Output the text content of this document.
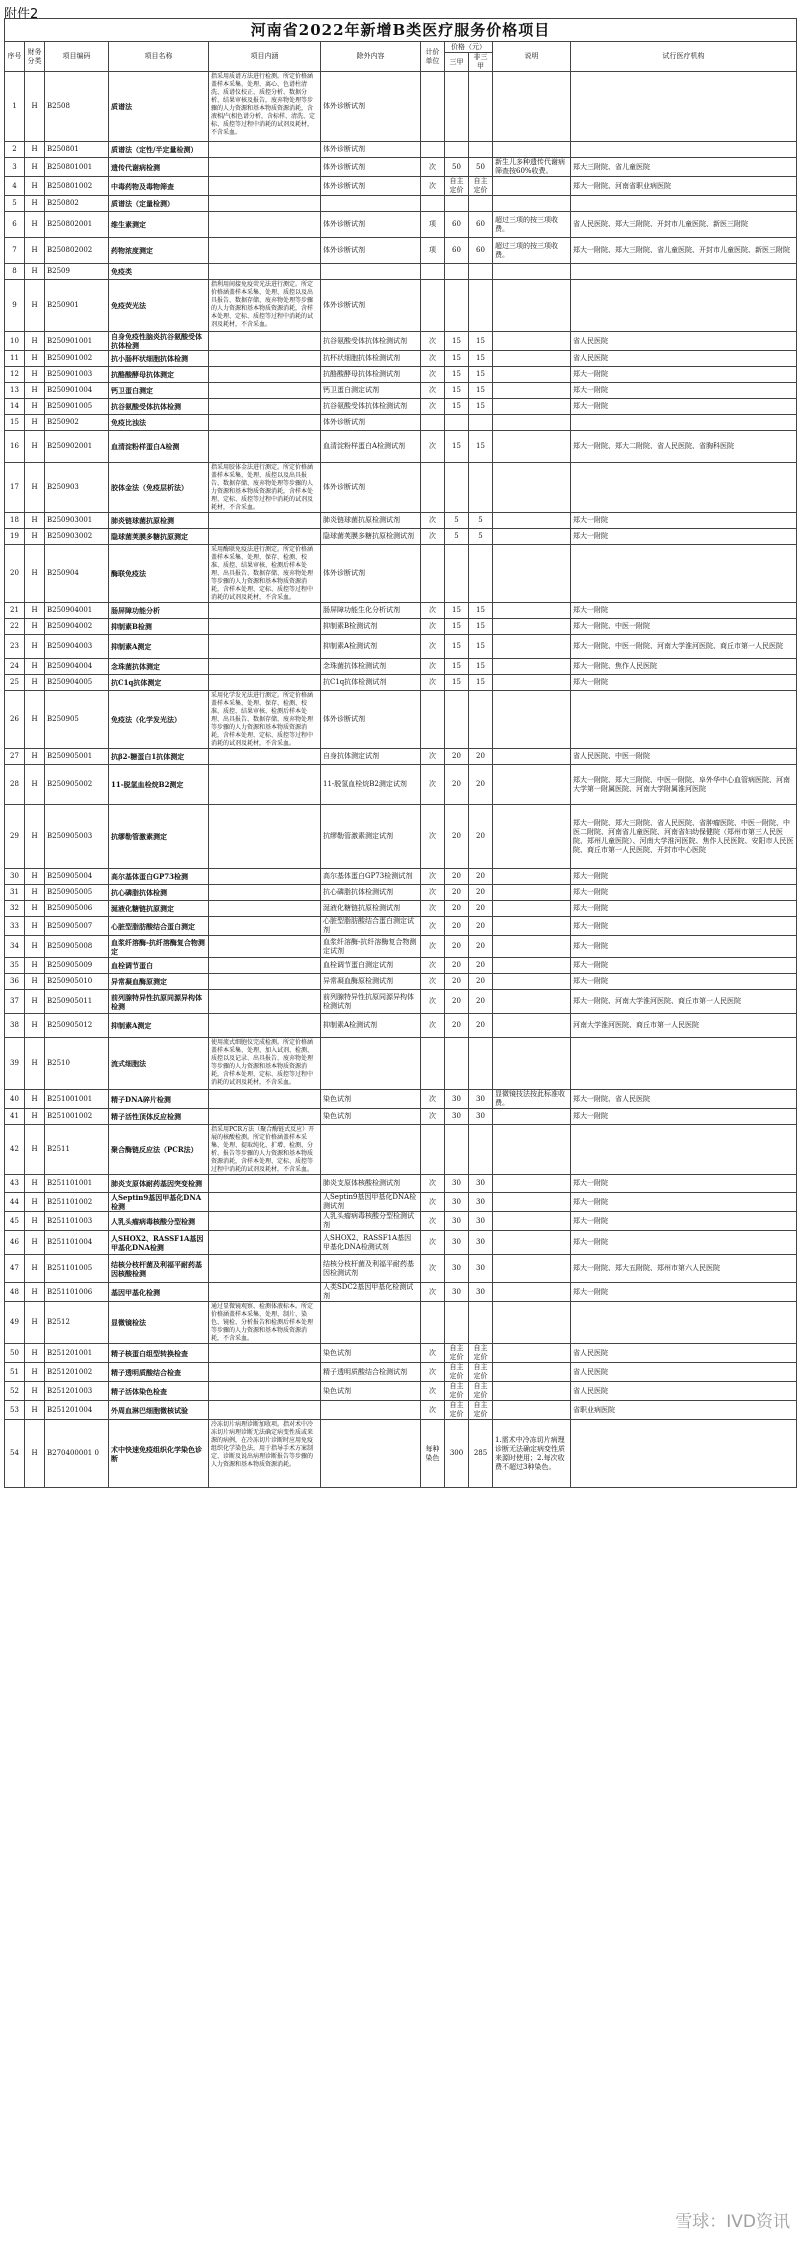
附件2
河南省2022年新增B类医疗服务价格项目										
序号	财务分类	项目编码	项目名称	项目内涵	除外内容	计价单位	价格（元）		说明	试行医疗机构
							三甲	非三甲		
1	H	B2508	质谱法	指采用质谱方法进行检测。所定价格涵盖样本采集、处理、离心、色谱柱清洗、质谱仪校正、质控分析、数据分析、结果审核及报告，废弃物处理等步骤的人力资源和基本物质资源消耗，含液相/气相色谱分析，含标样、清洗、定标、质控等过程中消耗的试剂及耗材，不含采血。	体外诊断试剂					
2	H	B250801	质谱法（定性/半定量检测）		体外诊断试剂					
3	H	B250801001	遗传代谢病检测		体外诊断试剂	次	50	50	新生儿多种遗传代谢病筛查按60%收费。	郑大三附院、省儿童医院
4	H	B250801002	中毒药物及毒物筛查		体外诊断试剂	次	自主定价	自主定价		郑大一附院、河南省职业病医院
5	H	B250802	质谱法（定量检测）							
6	H	B250802001	维生素测定		体外诊断试剂	项	60	60	超过三项的按三项收费。	省人民医院、郑大三附院、开封市儿童医院、新医三附院
7	H	B250802002	药物浓度测定		体外诊断试剂	项	60	60	超过三项的按三项收费。	郑大一附院、郑大三附院、省儿童医院、开封市儿童医院、新医三附院
8	H	B2509	免疫类							
9	H	B250901	免疫荧光法	指利用间接免疫荧光法进行测定。所定价格涵盖样本采集、处理、质控以及出具报告、数据存储、废弃物处理等步骤的人力资源和基本物质资源消耗，含样本处理、定标、质控等过程中消耗的试剂及耗材，不含采血。	体外诊断试剂					
10	H	B250901001	自身免疫性脑炎抗谷氨酸受体抗体检测		抗谷氨酸受体抗体检测试剂	次	15	15		省人民医院
11	H	B250901002	抗小肠杯状细胞抗体检测		抗杯状细胞抗体检测试剂	次	15	15		省人民医院
12	H	B250901003	抗酪酸酵母抗体测定		抗酪酸酵母抗体检测试剂	次	15	15		郑大一附院
13	H	B250901004	钙卫蛋白测定		钙卫蛋白测定试剂	次	15	15		郑大一附院
14	H	B250901005	抗谷氨酸受体抗体检测		抗谷氨酸受体抗体检测试剂	次	15	15		郑大一附院
15	H	B250902	免疫比浊法		体外诊断试剂					
16	H	B250902001	血清淀粉样蛋白A检测		血清淀粉样蛋白A检测试剂	次	15	15		郑大一附院、郑大二附院、省人民医院、省胸科医院
17	H	B250903	胶体金法（免疫层析法）	指采用胶体金法进行测定。所定价格涵盖样本采集、处理、质控以及出具报告、数据存储、废弃物处理等步骤的人力资源和基本物质资源消耗，含样本处理、定标、质控等过程中消耗的试剂及耗材，不含采血。	体外诊断试剂					
18	H	B250903001	肺炎链球菌抗原检测		肺炎链球菌抗原检测试剂	次	5	5		郑大一附院
19	H	B250903002	隐球菌荚膜多糖抗原测定		隐球菌荚膜多糖抗原检测试剂	次	5	5		郑大一附院
20	H	B250904	酶联免疫法	采用酶联免疫法进行测定。所定价格涵盖样本采集、处理、保存、检测、校准、质控、结果审核、检测后样本处理、出具报告、数据存储、废弃物处理等步骤的人力资源和基本物质资源消耗，含样本处理、定标、质控等过程中消耗的试剂及耗材，不含采血。	体外诊断试剂					
21	H	B250904001	肠屏障功能分析		肠屏障功能生化分析试剂	次	15	15		郑大一附院
22	H	B250904002	抑制素B检测		抑制素B检测试剂	次	15	15		郑大一附院、中医一附院
23	H	B250904003	抑制素A测定		抑制素A检测试剂	次	15	15		郑大一附院、中医一附院、河南大学淮河医院、商丘市第一人民医院
24	H	B250904004	念珠菌抗体测定		念珠菌抗体检测试剂	次	15	15		郑大一附院、焦作人民医院
25	H	B250904005	抗C1q抗体测定		抗C1q抗体检测试剂	次	15	15		郑大一附院
26	H	B250905	免疫法（化学发光法）	采用化学发光法进行测定。所定价格涵盖样本采集、处理、保存、检测、校准、质控、结果审核、检测后样本处理、出具报告、数据存储、废弃物处理等步骤的人力资源和基本物质资源消耗，含样本处理、定标、质控等过程中消耗的试剂及耗材，不含采血。	体外诊断试剂					
27	H	B250905001	抗β2-糖蛋白1抗体测定		自身抗体测定试剂	次	20	20		省人民医院、中医一附院
28	H	B250905002	11-脱氢血栓烷B2测定		11-脱氢血栓烷B2测定试剂	次	20	20		郑大一附院、郑大三附院、中医一附院、阜外华中心血管病医院、河南大学第一附属医院、河南大学附属淮河医院
29	H	B250905003	抗缪勒管激素测定		抗缪勒管激素测定试剂	次	20	20		郑大一附院、郑大三附院、省人民医院、省肿瘤医院、中医一附院、中医二附院、河南省儿童医院、河南省妇幼保健院（郑州市第三人民医院、郑州儿童医院）、河南大学淮河医院、焦作人民医院、安阳市人民医院、商丘市第一人民医院、开封市中心医院
30	H	B250905004	高尔基体蛋白GP73检测		高尔基体蛋白GP73检测试剂	次	20	20		郑大一附院
31	H	B250905005	抗心磷脂抗体检测		抗心磷脂抗体检测试剂	次	20	20		郑大一附院
32	H	B250905006	涎液化糖链抗原测定		涎液化糖链抗原检测试剂	次	20	20		郑大一附院
33	H	B250905007	心脏型脂肪酸结合蛋白测定		心脏型脂肪酸结合蛋白测定试剂	次	20	20		郑大一附院
34	H	B250905008	血浆纤溶酶-抗纤溶酶复合物测定		血浆纤溶酶-抗纤溶酶复合物测定试剂	次	20	20		郑大一附院
35	H	B250905009	血栓调节蛋白		血栓调节蛋白测定试剂	次	20	20		郑大一附院
36	H	B250905010	异常凝血酶原测定		异常凝血酶原检测试剂	次	20	20		郑大一附院
37	H	B250905011	前列腺特异性抗原同源异构体检测		前列腺特异性抗原同源异构体检测试剂	次	20	20		郑大一附院、河南大学淮河医院、商丘市第一人民医院
38	H	B250905012	抑制素A测定		抑制素A检测试剂	次	20	20		河南大学淮河医院、商丘市第一人民医院
39	H	B2510	流式细胞法	使用流式细胞仪完成检测。所定价格涵盖样本采集、处理、加入试剂、检测、质控以及记录、出具报告、废弃物处理等步骤的人力资源和基本物质资源消耗，含样本处理、定标、质控等过程中消耗的试剂及耗材，不含采血。						
40	H	B251001001	精子DNA碎片检测		染色试剂	次	30	30	显微镜技法按此标准收费。	郑大一附院、省人民医院
41	H	B251001002	精子活性顶体反应检测		染色试剂	次	30	30		郑大一附院
42	H	B2511	聚合酶链反应法（PCR法）	指采用PCR方法（聚合酶链式反应）开展的核酸检测。所定价格涵盖样本采集、处理、提取纯化、扩增、检测、分析、报告等步骤的人力资源和基本物质资源消耗，含样本处理、定标、质控等过程中消耗的试剂及耗材，不含采血。						
43	H	B251101001	肺炎支原体耐药基因突变检测		肺炎支原体核酸检测试剂	次	30	30		郑大一附院
44	H	B251101002	人Septin9基因甲基化DNA检测		人Septin9基因甲基化DNA检测试剂	次	30	30		郑大一附院
45	H	B251101003	人乳头瘤病毒核酸分型检测		人乳头瘤病毒核酸分型检测试剂	次	30	30		郑大一附院
46	H	B251101004	人SHOX2、RASSF1A基因甲基化DNA检测		人SHOX2、RASSF1A基因甲基化DNA检测试剂	次	30	30		郑大一附院
47	H	B251101005	结核分枝杆菌及利福平耐药基因核酸检测		结核分枝杆菌及利福平耐药基因检测试剂	次	30	30		郑大一附院、郑大五附院、郑州市第六人民医院
48	H	B251101006	基因甲基化检测		人类SDC2基因甲基化检测试剂	次	30	30		郑大一附院
49	H	B2512	显微镜检法	通过显微镜观察、检测体液标本。所定价格涵盖样本采集、处理、制片、染色、镜检、分析报告和检测后样本处理等步骤的人力资源和基本物质资源消耗，不含采血。						
50	H	B251201001	精子核蛋白组型转换检查		染色试剂	次	自主定价	自主定价		省人民医院
51	H	B251201002	精子透明质酸结合检查		精子透明质酸结合检测试剂	次	自主定价	自主定价		省人民医院
52	H	B251201003	精子活体染色检查		染色试剂	次	自主定价	自主定价		省人民医院
53	H	B251201004	外周血淋巴细胞微核试验			次	自主定价	自主定价		省职业病医院
54	H	B270400001 0	术中快速免疫组织化学染色诊断	冷冻切片病理诊断加收项。指对术中冷冻切片病理诊断无法确定病变性质或来源的病例，在冷冻切片诊断时应用免疫组织化学染色法，用于指导手术方案制定、诊断及说出病理诊断报告等步骤的人力资源和基本物质资源消耗。		每种染色	300	285	1.需术中冷冻切片病理诊断无法确定病变性质来源时使用；2.每次收费不超过3种染色。	
雪球：IVD资讯
